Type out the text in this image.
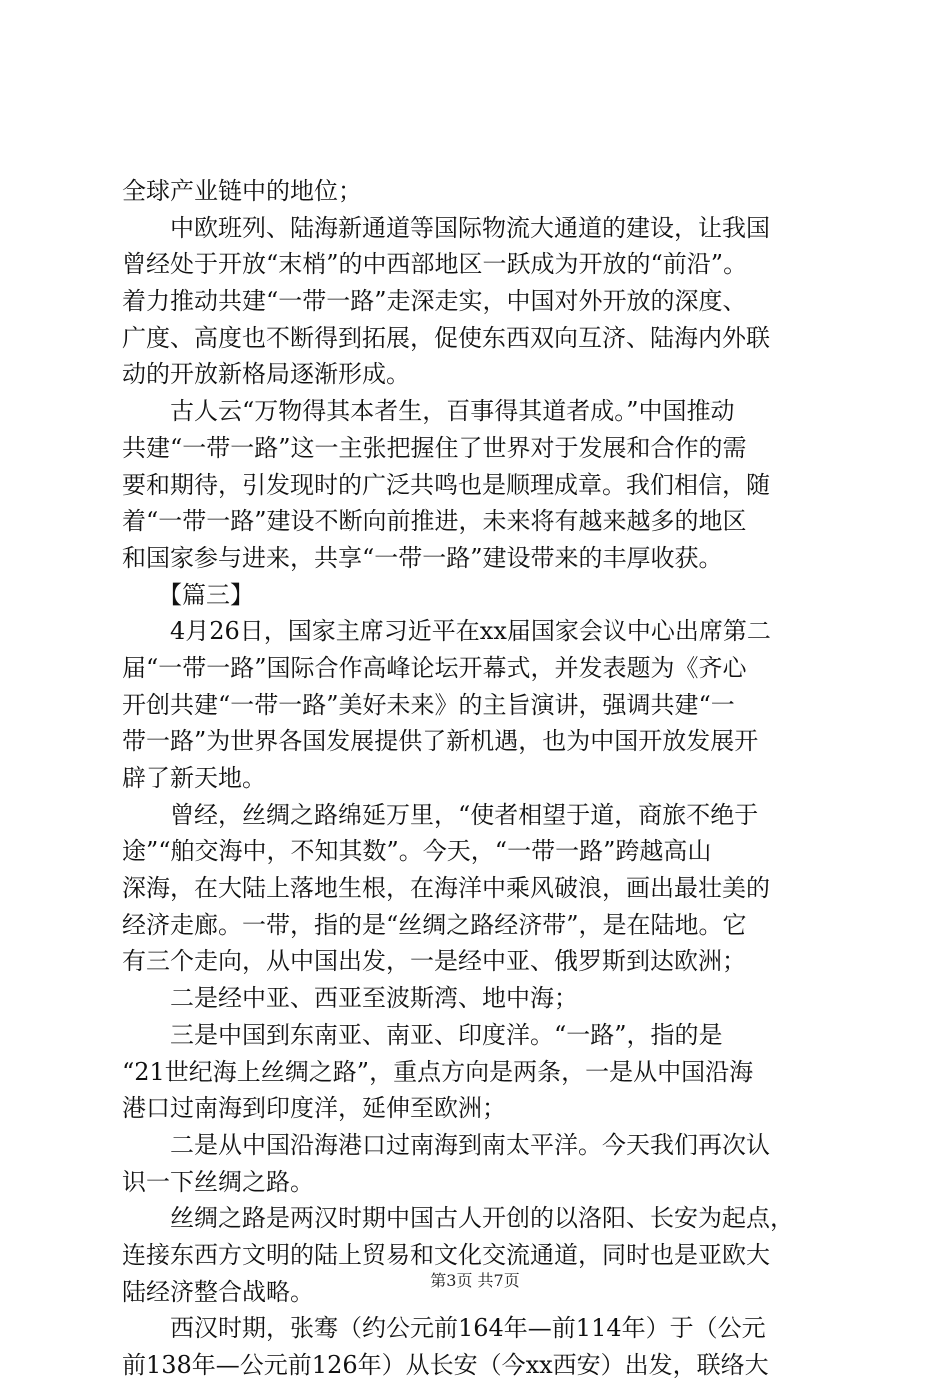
全球产业链中的地位；
　　中欧班列、陆海新通道等国际物流大通道的建设，让我国
曾经处于开放“末梢”的中西部地区一跃成为开放的“前沿”。
着力推动共建“一带一路”走深走实，中国对外开放的深度、
广度、高度也不断得到拓展，促使东西双向互济、陆海内外联
动的开放新格局逐渐形成。
　　古人云“万物得其本者生，百事得其道者成。”中国推动
共建“一带一路”这一主张把握住了世界对于发展和合作的需
要和期待，引发现时的广泛共鸣也是顺理成章。我们相信，随
着“一带一路”建设不断向前推进，未来将有越来越多的地区
和国家参与进来，共享“一带一路”建设带来的丰厚收获。
　　【篇三】
　　4月26日，国家主席习近平在xx届国家会议中心出席第二
届“一带一路”国际合作高峰论坛开幕式，并发表题为《齐心
开创共建“一带一路”美好未来》的主旨演讲，强调共建“一
带一路”为世界各国发展提供了新机遇，也为中国开放发展开
辟了新天地。
　　曾经，丝绸之路绵延万里，“使者相望于道，商旅不绝于
途”“舶交海中，不知其数”。今天，“一带一路”跨越高山
深海，在大陆上落地生根，在海洋中乘风破浪，画出最壮美的
经济走廊。一带，指的是“丝绸之路经济带”，是在陆地。它
有三个走向，从中国出发，一是经中亚、俄罗斯到达欧洲；
　　二是经中亚、西亚至波斯湾、地中海；
　　三是中国到东南亚、南亚、印度洋。“一路”，指的是
“21世纪海上丝绸之路”，重点方向是两条，一是从中国沿海
港口过南海到印度洋，延伸至欧洲；
　　二是从中国沿海港口过南海到南太平洋。今天我们再次认
识一下丝绸之路。
　　丝绸之路是两汉时期中国古人开创的以洛阳、长安为起点，
连接东西方文明的陆上贸易和文化交流通道，同时也是亚欧大
陆经济整合战略。
　　西汉时期，张骞（约公元前164年—前114年）于（公元
前138年—公元前126年）从长安（今xx西安）出发，联络大
第3页 共7页
